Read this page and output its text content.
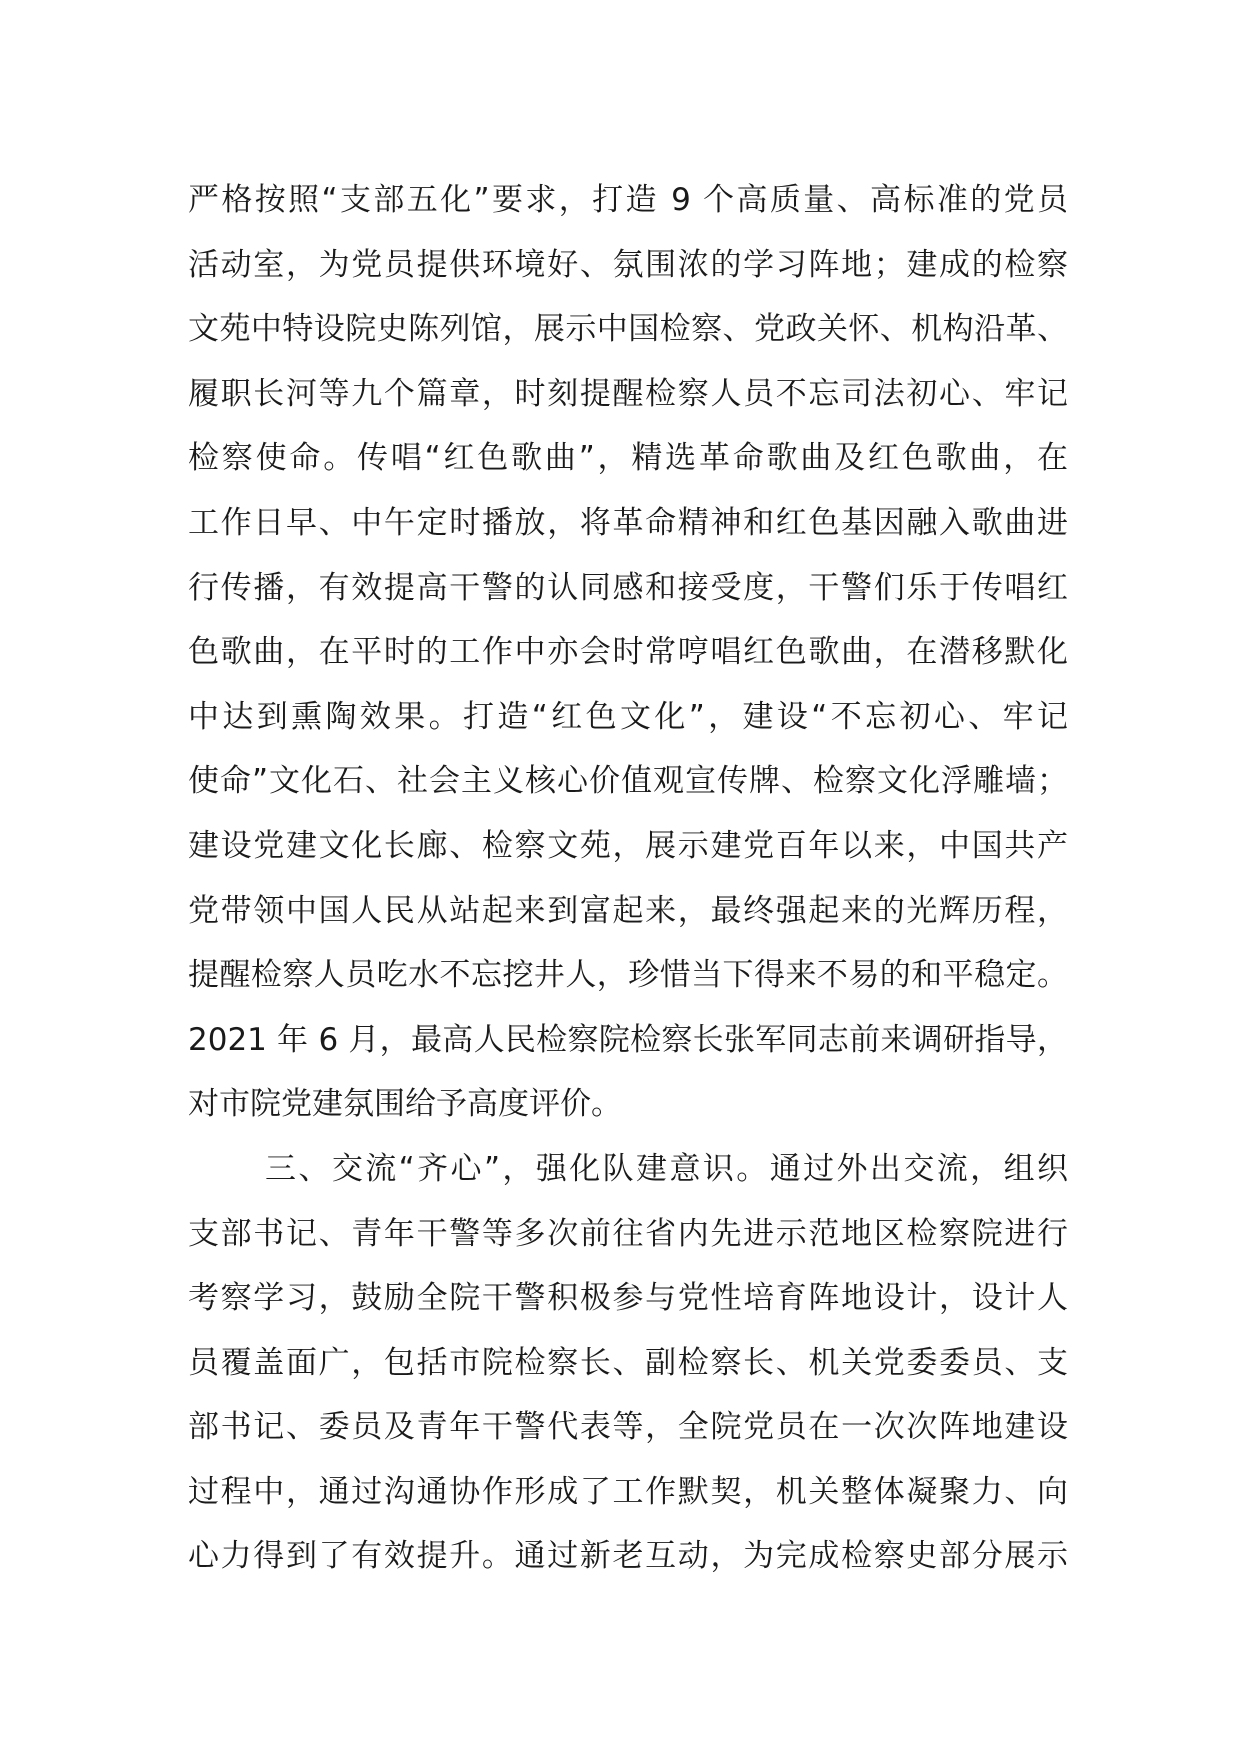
严格按照“支部五化”要求，打造 9 个高质量、高标准的党员
活动室，为党员提供环境好、氛围浓的学习阵地；建成的检察
文苑中特设院史陈列馆，展示中国检察、党政关怀、机构沿革、
履职长河等九个篇章，时刻提醒检察人员不忘司法初心、牢记
检察使命。传唱“红色歌曲”，精选革命歌曲及红色歌曲，在
工作日早、中午定时播放，将革命精神和红色基因融入歌曲进
行传播，有效提高干警的认同感和接受度，干警们乐于传唱红
色歌曲，在平时的工作中亦会时常哼唱红色歌曲，在潜移默化
中达到熏陶效果。打造“红色文化”，建设“不忘初心、牢记
使命”文化石、社会主义核心价值观宣传牌、检察文化浮雕墙；
建设党建文化长廊、检察文苑，展示建党百年以来，中国共产
党带领中国人民从站起来到富起来，最终强起来的光辉历程，
提醒检察人员吃水不忘挖井人，珍惜当下得来不易的和平稳定。
2021 年 6 月，最高人民检察院检察长张军同志前来调研指导，
对市院党建氛围给予高度评价。
三、交流“齐心”，强化队建意识。通过外出交流，组织
支部书记、青年干警等多次前往省内先进示范地区检察院进行
考察学习，鼓励全院干警积极参与党性培育阵地设计，设计人
员覆盖面广，包括市院检察长、副检察长、机关党委委员、支
部书记、委员及青年干警代表等，全院党员在一次次阵地建设
过程中，通过沟通协作形成了工作默契，机关整体凝聚力、向
心力得到了有效提升。通过新老互动，为完成检察史部分展示
